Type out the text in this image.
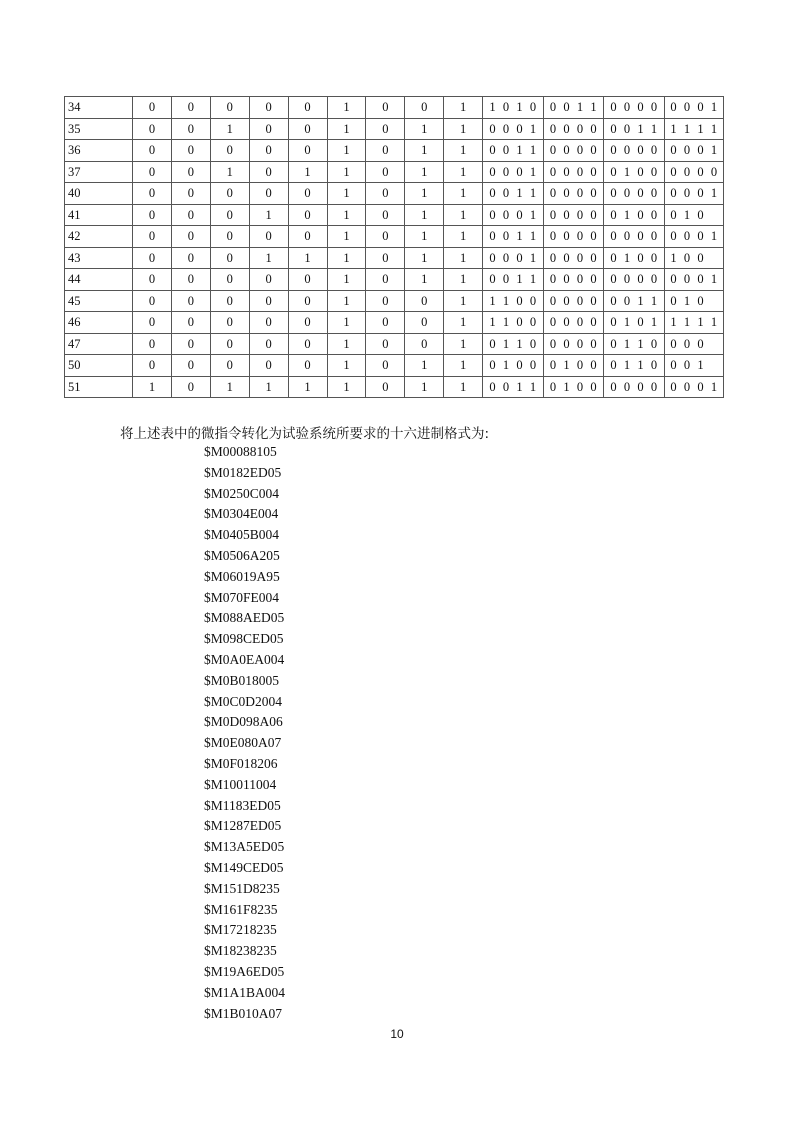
34	0	0	0	0	0	1	0	0	1	1 0 1 0	0 0 1 1	0 0 0 0	0 0 0 1
35	0	0	1	0	0	1	0	1	1	0 0 0 1	0 0 0 0	0 0 1 1	1 1 1 1
36	0	0	0	0	0	1	0	1	1	0 0 1 1	0 0 0 0	0 0 0 0	0 0 0 1
37	0	0	1	0	1	1	0	1	1	0 0 0 1	0 0 0 0	0 1 0 0	0 0 0 0
40	0	0	0	0	0	1	0	1	1	0 0 1 1	0 0 0 0	0 0 0 0	0 0 0 1
41	0	0	0	1	0	1	0	1	1	0 0 0 1	0 0 0 0	0 1 0 0	0 1 0
42	0	0	0	0	0	1	0	1	1	0 0 1 1	0 0 0 0	0 0 0 0	0 0 0 1
43	0	0	0	1	1	1	0	1	1	0 0 0 1	0 0 0 0	0 1 0 0	1 0 0
44	0	0	0	0	0	1	0	1	1	0 0 1 1	0 0 0 0	0 0 0 0	0 0 0 1
45	0	0	0	0	0	1	0	0	1	1 1 0 0	0 0 0 0	0 0 1 1	0 1 0
46	0	0	0	0	0	1	0	0	1	1 1 0 0	0 0 0 0	0 1 0 1	1 1 1 1
47	0	0	0	0	0	1	0	0	1	0 1 1 0	0 0 0 0	0 1 1 0	0 0 0
50	0	0	0	0	0	1	0	1	1	0 1 0 0	0 1 0 0	0 1 1 0	0 0 1
51	1	0	1	1	1	1	0	1	1	0 0 1 1	0 1 0 0	0 0 0 0	0 0 0 1
将上述表中的微指令转化为试验系统所要求的十六进制格式为:
$M00088105
$M0182ED05
$M0250C004
$M0304E004
$M0405B004
$M0506A205
$M06019A95
$M070FE004
$M088AED05
$M098CED05
$M0A0EA004
$M0B018005
$M0C0D2004
$M0D098A06
$M0E080A07
$M0F018206
$M10011004
$M1183ED05
$M1287ED05
$M13A5ED05
$M149CED05
$M151D8235
$M161F8235
$M17218235
$M18238235
$M19A6ED05
$M1A1BA004
$M1B010A07
10
